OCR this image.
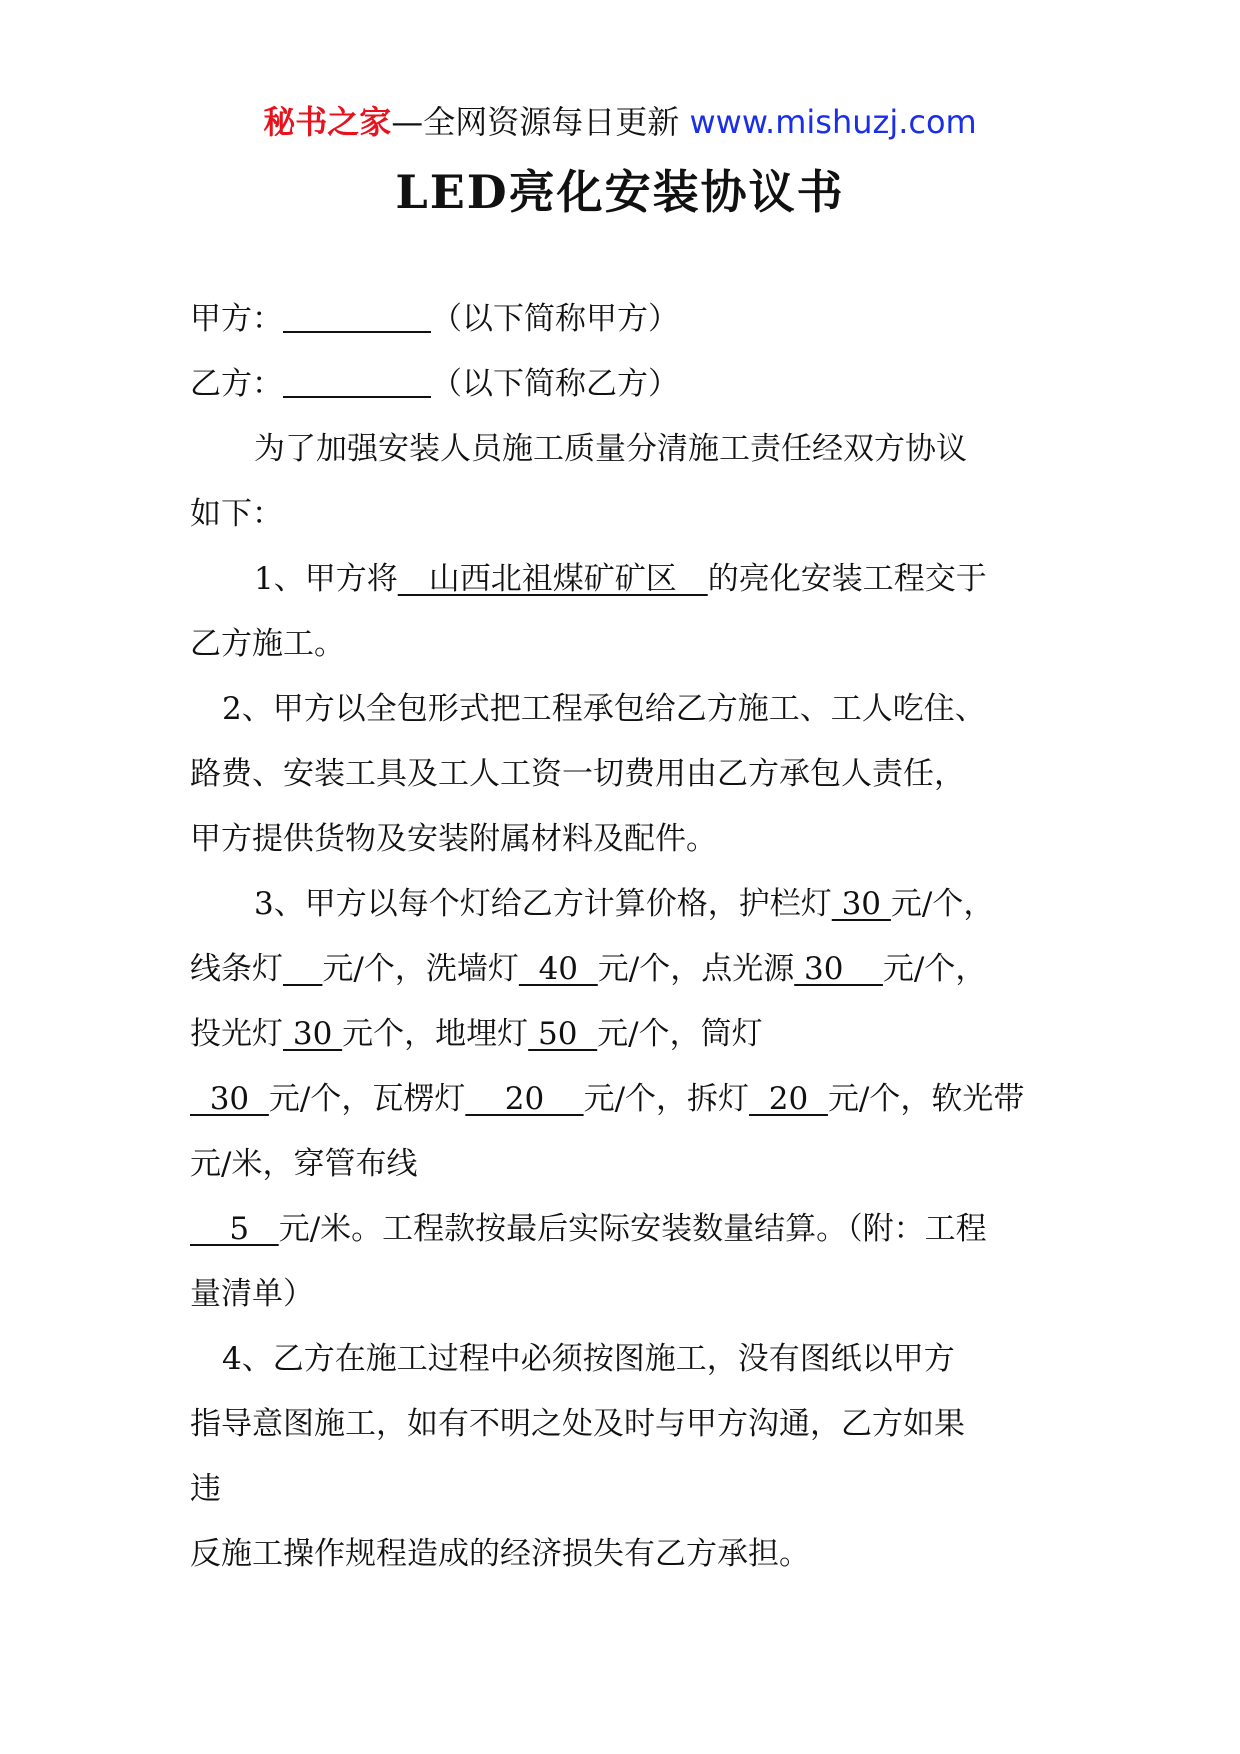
秘书之家—全网资源每日更新 www.mishuzj.com
LED亮化安装协议书
甲方：	（以下简称甲方）
乙方：	（以下简称乙方）
为了加强安装人员施工质量分清施工责任经双方协议
如下：
1、甲方将　山西北祖煤矿矿区　的亮化安装工程交于
乙方施工。
2、甲方以全包形式把工程承包给乙方施工、工人吃住、
路费、安装工具及工人工资一切费用由乙方承包人责任，
甲方提供货物及安装附属材料及配件。
3、甲方以每个灯给乙方计算价格，护栏灯 30 元/个，
线条灯 元/个，洗墙灯  40  元/个，点光源 30    元/个，
投光灯 30 元个，地埋灯 50  元/个，筒灯
30  元/个，瓦楞灯    20    元/个，拆灯  20  元/个，软光带
元/米，穿管布线
5   元/米。工程款按最后实际安装数量结算。（附：工程
量清单）
4、乙方在施工过程中必须按图施工，没有图纸以甲方
指导意图施工，如有不明之处及时与甲方沟通，乙方如果
违
反施工操作规程造成的经济损失有乙方承担。
